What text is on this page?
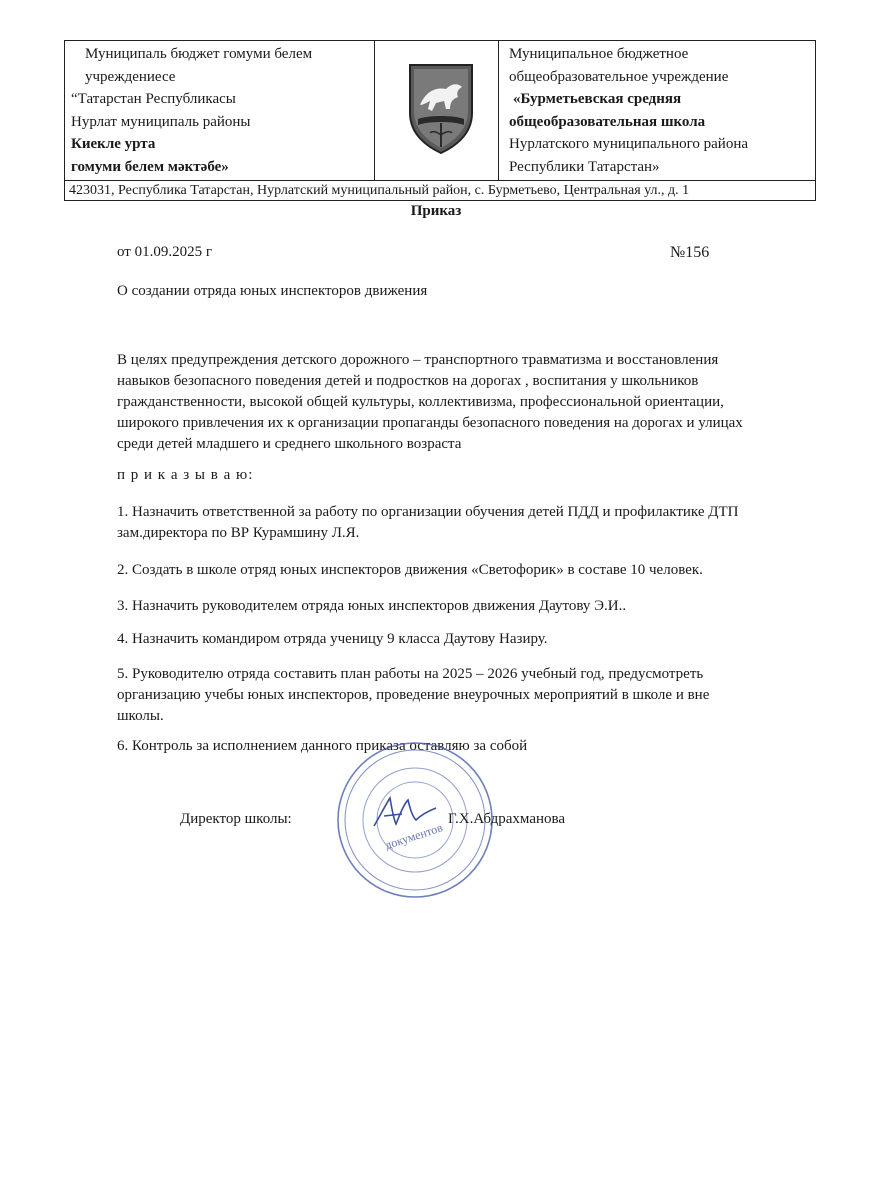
Муниципаль бюджет гомуми белем
учреждениесе
“Татарстан Республикасы
Нурлат муниципаль районы
Киекле урта
гомуми белем мәктәбе»
Муниципальное бюджетное
общеобразовательное учреждение
«Бурметьевская средняя
общеобразовательная школа
Нурлатского муниципального района
Республики Татарстан»
423031, Республика Татарстан, Нурлатский муниципальный район, с. Бурметьево, Центральная ул., д. 1
Приказ
от 01.09.2025 г	№156
О создании отряда юных инспекторов движения
В целях предупреждения детского дорожного – транспортного травматизма и восстановления
навыков безопасного поведения детей и подростков на дорогах , воспитания у школьников
гражданственности, высокой общей культуры, коллективизма, профессиональной ориентации,
широкого привлечения их к организации пропаганды безопасного поведения на дорогах и улицах
среди детей младшего и среднего школьного возраста
п р и к а з ы в а ю:
1. Назначить ответственной за работу по организации обучения детей ПДД и профилактике ДТП
зам.директора по ВР Курамшину Л.Я.
2. Создать в школе отряд юных инспекторов движения «Светофорик» в составе 10 человек.
3. Назначить руководителем отряда юных инспекторов движения Даутову Э.И..
4. Назначить командиром отряда ученицу 9 класса Даутову Назиру.
5. Руководителю отряда составить план работы на 2025 – 2026 учебный год, предусмотреть
организацию учебы юных инспекторов, проведение внеурочных мероприятий в школе и вне
школы.
6. Контроль за исполнением данного приказа оставляю за собой
документов
Директор школы:	Г.Х.Абдрахманова
